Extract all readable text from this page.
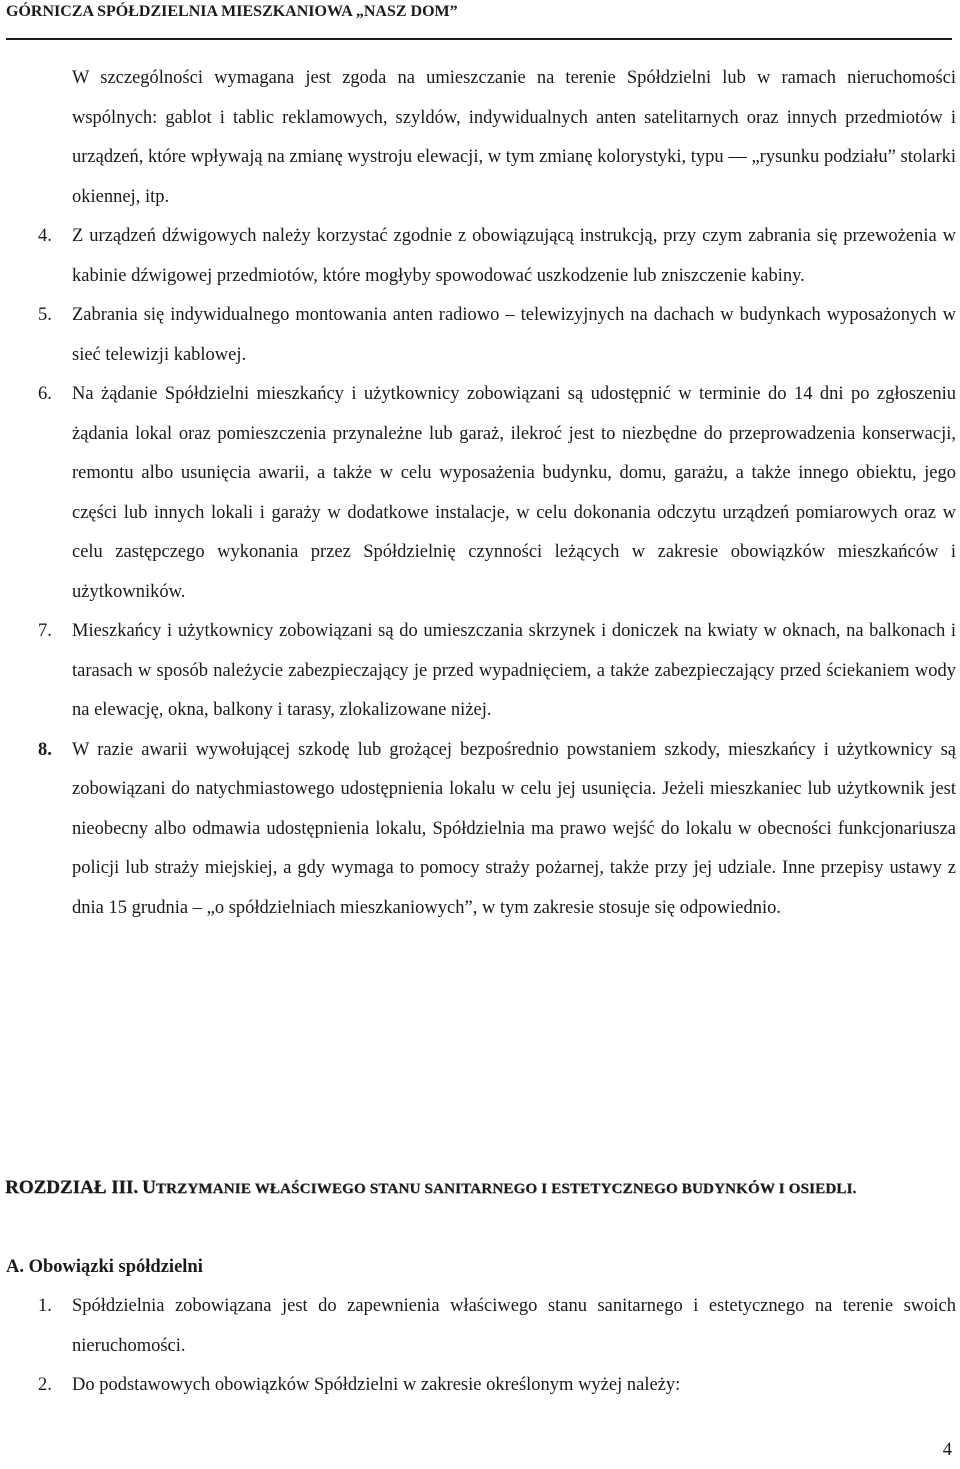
GÓRNICZA SPÓŁDZIELNIA MIESZKANIOWA „NASZ DOM”
W szczególności wymagana jest zgoda na umieszczanie na terenie Spółdzielni lub w ramach nieruchomości wspólnych: gablot i tablic reklamowych, szyldów, indywidualnych anten satelitarnych oraz innych przedmiotów i urządzeń, które wpływają na zmianę wystroju elewacji, w tym zmianę kolorystyki, typu — „rysunku podziału” stolarki okiennej, itp.
4. Z urządzeń dźwigowych należy korzystać zgodnie z obowiązującą instrukcją, przy czym zabrania się przewożenia w kabinie dźwigowej przedmiotów, które mogłyby spowodować uszkodzenie lub zniszczenie kabiny.
5. Zabrania się indywidualnego montowania anten radiowo – telewizyjnych na dachach w budynkach wyposażonych w sieć telewizji kablowej.
6. Na żądanie Spółdzielni mieszkańcy i użytkownicy zobowiązani są udostępnić w terminie do 14 dni po zgłoszeniu żądania lokal oraz pomieszczenia przynależne lub garaż, ilekroć jest to niezbędne do przeprowadzenia konserwacji, remontu albo usunięcia awarii, a także w celu wyposażenia budynku, domu, garażu, a także innego obiektu, jego części lub innych lokali i garaży w dodatkowe instalacje, w celu dokonania odczytu urządzeń pomiarowych oraz w celu zastępczego wykonania przez Spółdzielnię czynności leżących w zakresie obowiązków mieszkańców i użytkowników.
7. Mieszkańcy i użytkownicy zobowiązani są do umieszczania skrzynek i doniczek na kwiaty w oknach, na balkonach i tarasach w sposób należycie zabezpieczający je przed wypadnięciem, a także zabezpieczający przed ściekaniem wody na elewację, okna, balkony i tarasy, zlokalizowane niżej.
8. W razie awarii wywołującej szkodę lub grożącej bezpośrednio powstaniem szkody, mieszkańcy i użytkownicy są zobowiązani do natychmiastowego udostępnienia lokalu w celu jej usunięcia. Jeżeli mieszkaniec lub użytkownik jest nieobecny albo odmawia udostępnienia lokalu, Spółdzielnia ma prawo wejść do lokalu w obecności funkcjonariusza policji lub straży miejskiej, a gdy wymaga to pomocy straży pożarnej, także przy jej udziale. Inne przepisy ustawy z dnia 15 grudnia – „o spółdzielniach mieszkaniowych”, w tym zakresie stosuje się odpowiednio.
ROZDZIAŁ III. UTRZYMANIE WŁAŚCIWEGO STANU SANITARNEGO I ESTETYCZNEGO BUDYNKÓW I OSIEDLI.
A. Obowiązki spółdzielni
1. Spółdzielnia zobowiązana jest do zapewnienia właściwego stanu sanitarnego i estetycznego na terenie swoich nieruchomości.
2. Do podstawowych obowiązków Spółdzielni w zakresie określonym wyżej należy:
4
